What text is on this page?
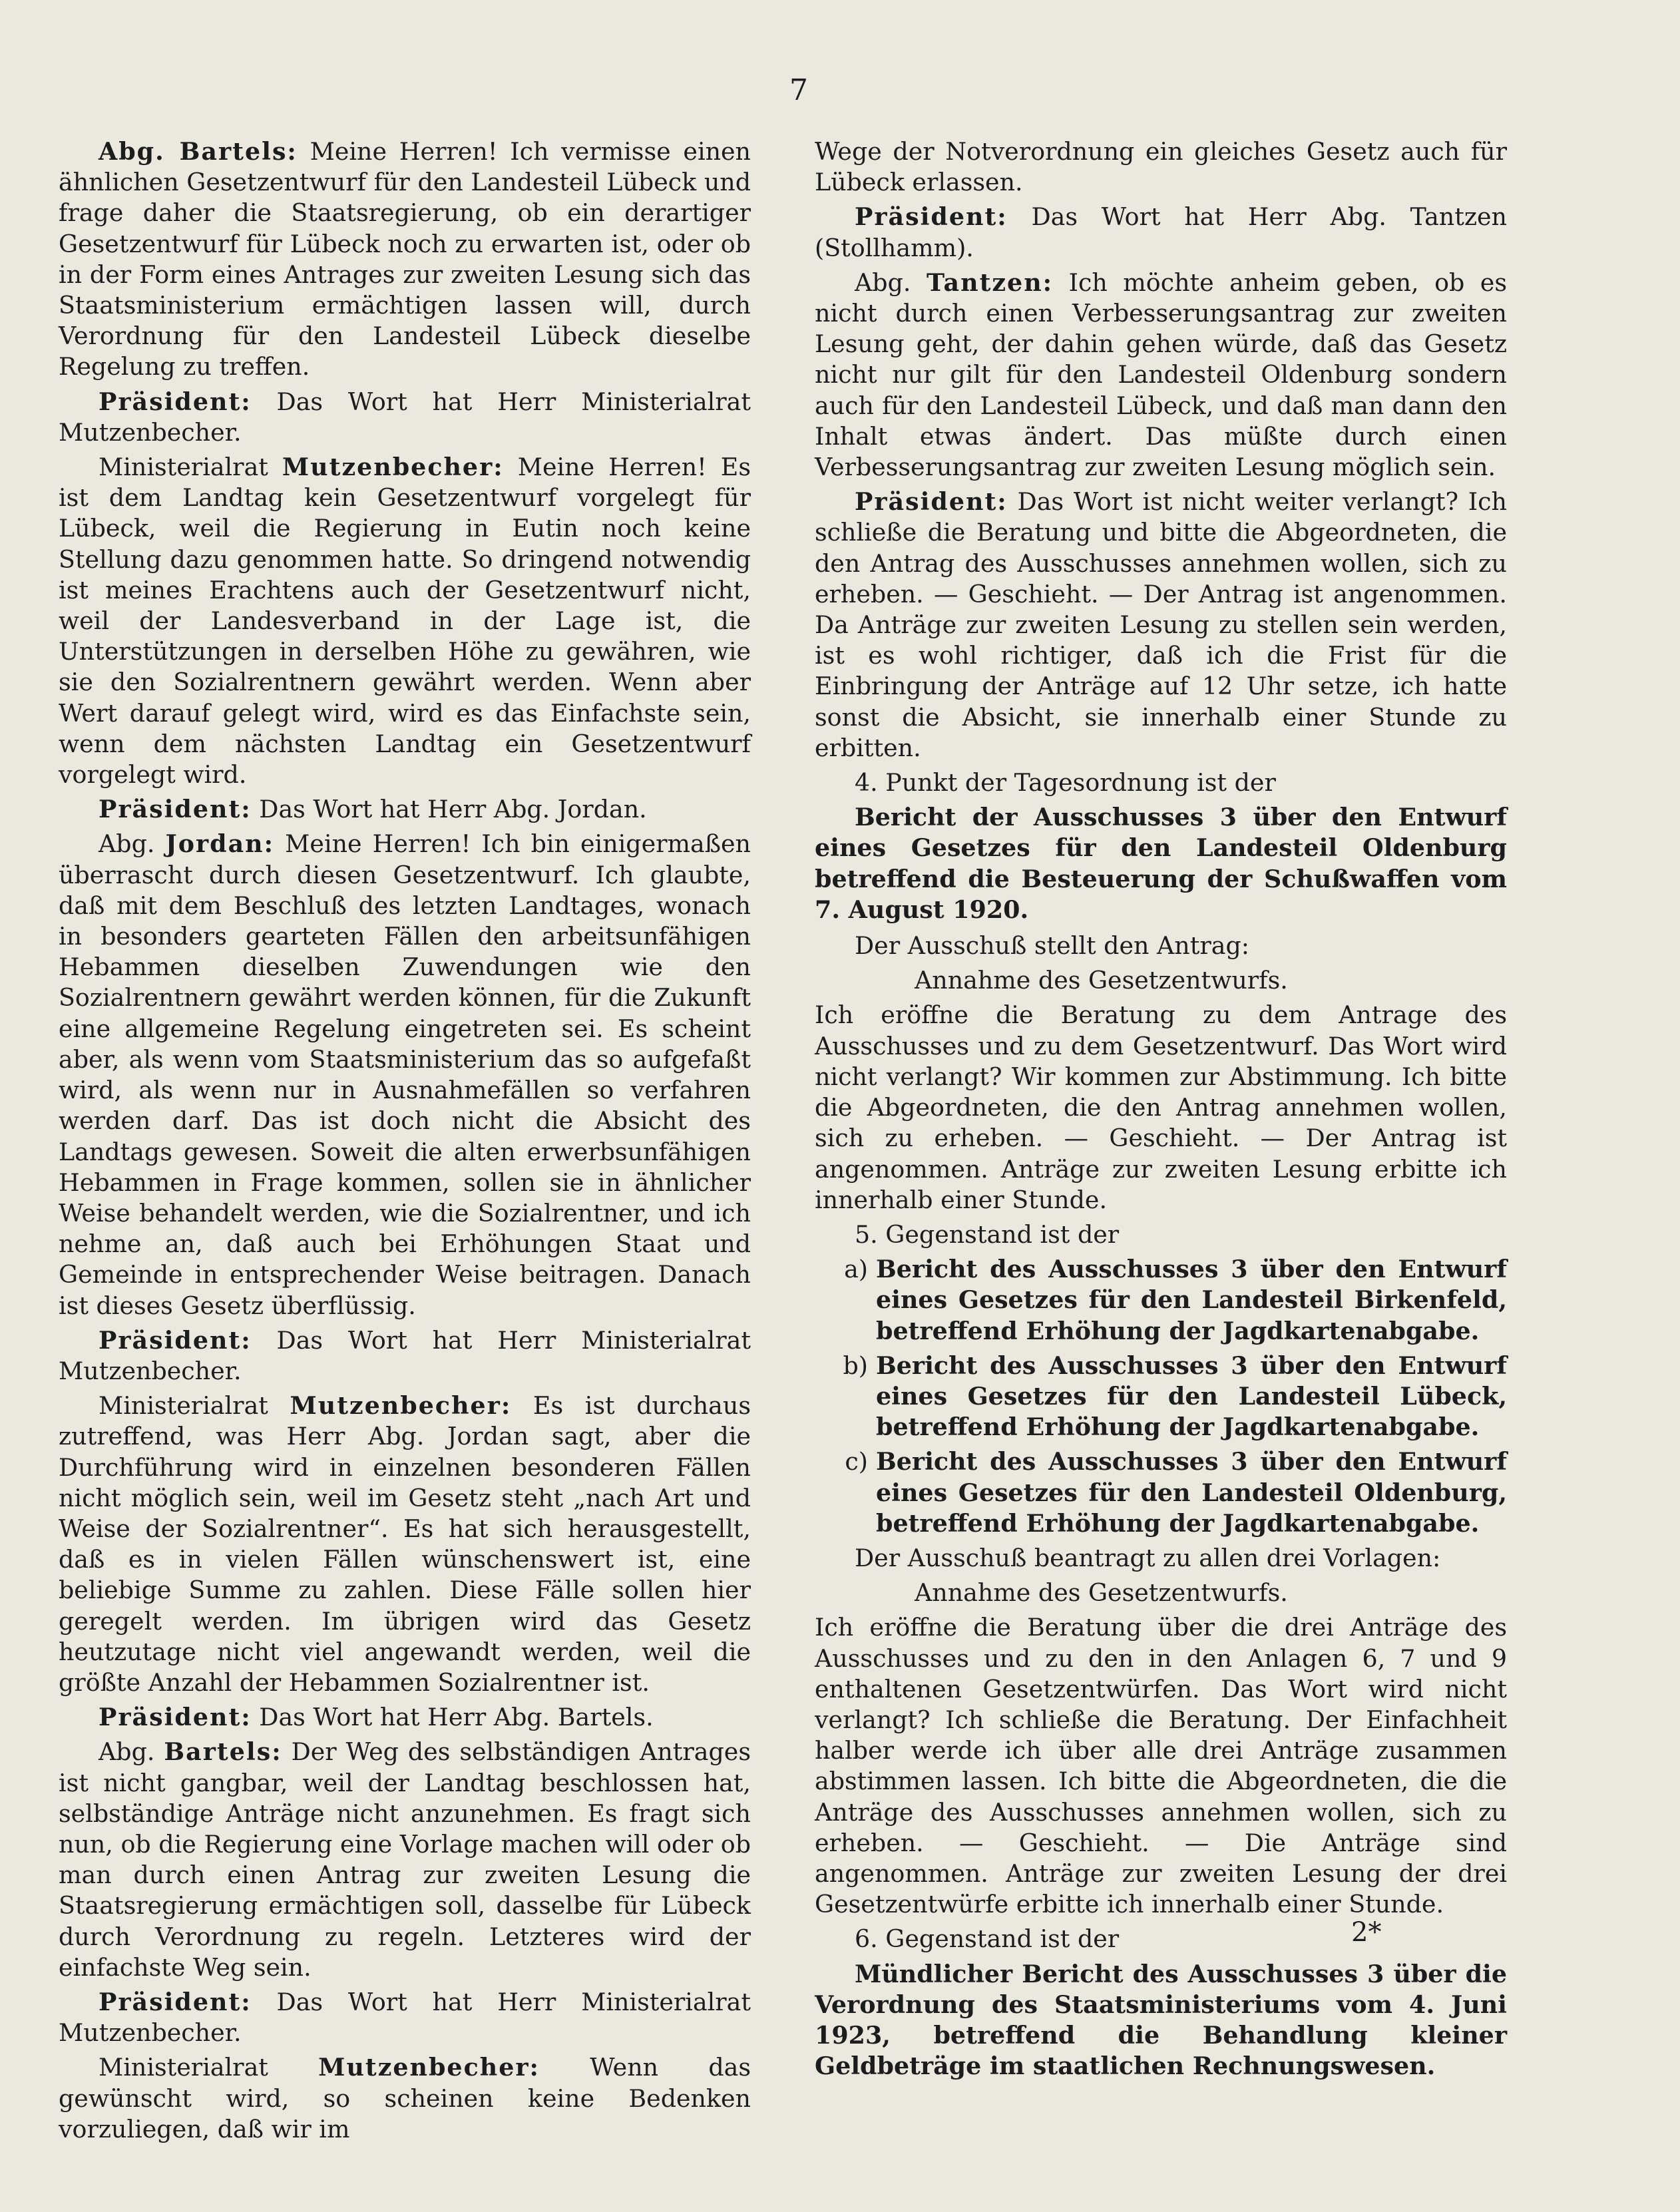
7

Abg. Bartels: Meine Herren! Ich vermisse einen ähnlichen Gesetzentwurf für den Landesteil Lübeck und frage daher die Staatsregierung, ob ein derartiger Gesetzentwurf für Lübeck noch zu erwarten ist, oder ob in der Form eines Antrages zur zweiten Lesung sich das Staatsministerium ermächtigen lassen will, durch Verordnung für den Landesteil Lübeck dieselbe Regelung zu treffen.

Präsident: Das Wort hat Herr Ministerialrat Mutzenbecher.

Ministerialrat Mutzenbecher: Meine Herren! Es ist dem Landtag kein Gesetzentwurf vorgelegt für Lübeck, weil die Regierung in Eutin noch keine Stellung dazu genommen hatte. So dringend notwendig ist meines Erachtens auch der Gesetzentwurf nicht, weil der Landesverband in der Lage ist, die Unterstützungen in derselben Höhe zu gewähren, wie sie den Sozialrentnern gewährt werden. Wenn aber Wert darauf gelegt wird, wird es das Einfachste sein, wenn dem nächsten Landtag ein Gesetzentwurf vorgelegt wird.

Präsident: Das Wort hat Herr Abg. Jordan.

Abg. Jordan: Meine Herren! Ich bin einigermaßen überrascht durch diesen Gesetzentwurf. Ich glaubte, daß mit dem Beschluß des letzten Landtages, wonach in besonders gearteten Fällen den arbeitsunfähigen Hebammen dieselben Zuwendungen wie den Sozialrentnern gewährt werden können, für die Zukunft eine allgemeine Regelung eingetreten sei. Es scheint aber, als wenn vom Staatsministerium das so aufgefaßt wird, als wenn nur in Ausnahmefällen so verfahren werden darf. Das ist doch nicht die Absicht des Landtags gewesen. Soweit die alten erwerbsunfähigen Hebammen in Frage kommen, sollen sie in ähnlicher Weise behandelt werden, wie die Sozialrentner, und ich nehme an, daß auch bei Erhöhungen Staat und Gemeinde in entsprechender Weise beitragen. Danach ist dieses Gesetz überflüssig.

Präsident: Das Wort hat Herr Ministerialrat Mutzenbecher.

Ministerialrat Mutzenbecher: Es ist durchaus zutreffend, was Herr Abg. Jordan sagt, aber die Durchführung wird in einzelnen besonderen Fällen nicht möglich sein, weil im Gesetz steht „nach Art und Weise der Sozialrentner“. Es hat sich herausgestellt, daß es in vielen Fällen wünschenswert ist, eine beliebige Summe zu zahlen. Diese Fälle sollen hier geregelt werden. Im übrigen wird das Gesetz heutzutage nicht viel angewandt werden, weil die größte Anzahl der Hebammen Sozialrentner ist.

Präsident: Das Wort hat Herr Abg. Bartels.

Abg. Bartels: Der Weg des selbständigen Antrages ist nicht gangbar, weil der Landtag beschlossen hat, selbständige Anträge nicht anzunehmen. Es fragt sich nun, ob die Regierung eine Vorlage machen will oder ob man durch einen Antrag zur zweiten Lesung die Staatsregierung ermächtigen soll, dasselbe für Lübeck durch Verordnung zu regeln. Letzteres wird der einfachste Weg sein.

Präsident: Das Wort hat Herr Ministerialrat Mutzenbecher.

Ministerialrat Mutzenbecher: Wenn das gewünscht wird, so scheinen keine Bedenken vorzuliegen, daß wir im

Wege der Notverordnung ein gleiches Gesetz auch für Lübeck erlassen.

Präsident: Das Wort hat Herr Abg. Tantzen (Stollhamm).

Abg. Tantzen: Ich möchte anheim geben, ob es nicht durch einen Verbesserungsantrag zur zweiten Lesung geht, der dahin gehen würde, daß das Gesetz nicht nur gilt für den Landesteil Oldenburg sondern auch für den Landesteil Lübeck, und daß man dann den Inhalt etwas ändert. Das müßte durch einen Verbesserungsantrag zur zweiten Lesung möglich sein.

Präsident: Das Wort ist nicht weiter verlangt? Ich schließe die Beratung und bitte die Abgeordneten, die den Antrag des Ausschusses annehmen wollen, sich zu erheben. — Geschieht. — Der Antrag ist angenommen. Da Anträge zur zweiten Lesung zu stellen sein werden, ist es wohl richtiger, daß ich die Frist für die Einbringung der Anträge auf 12 Uhr setze, ich hatte sonst die Absicht, sie innerhalb einer Stunde zu erbitten.

4. Punkt der Tagesordnung ist der

Bericht der Ausschusses 3 über den Entwurf eines Gesetzes für den Landesteil Oldenburg betreffend die Besteuerung der Schußwaffen vom 7. August 1920.

Der Ausschuß stellt den Antrag:

Annahme des Gesetzentwurfs.

Ich eröffne die Beratung zu dem Antrage des Ausschusses und zu dem Gesetzentwurf. Das Wort wird nicht verlangt? Wir kommen zur Abstimmung. Ich bitte die Abgeordneten, die den Antrag annehmen wollen, sich zu erheben. — Geschieht. — Der Antrag ist angenommen. Anträge zur zweiten Lesung erbitte ich innerhalb einer Stunde.

5. Gegenstand ist der

a) Bericht des Ausschusses 3 über den Entwurf eines Gesetzes für den Landesteil Birkenfeld, betreffend Erhöhung der Jagdkartenabgabe.
b) Bericht des Ausschusses 3 über den Entwurf eines Gesetzes für den Landesteil Lübeck, betreffend Erhöhung der Jagdkartenabgabe.
c) Bericht des Ausschusses 3 über den Entwurf eines Gesetzes für den Landesteil Oldenburg, betreffend Erhöhung der Jagdkartenabgabe.

Der Ausschuß beantragt zu allen drei Vorlagen:

Annahme des Gesetzentwurfs.

Ich eröffne die Beratung über die drei Anträge des Ausschusses und zu den in den Anlagen 6, 7 und 9 enthaltenen Gesetzentwürfen. Das Wort wird nicht verlangt? Ich schließe die Beratung. Der Einfachheit halber werde ich über alle drei Anträge zusammen abstimmen lassen. Ich bitte die Abgeordneten, die die Anträge des Ausschusses annehmen wollen, sich zu erheben. — Geschieht. — Die Anträge sind angenommen. Anträge zur zweiten Lesung der drei Gesetzentwürfe erbitte ich innerhalb einer Stunde.

6. Gegenstand ist der

Mündlicher Bericht des Ausschusses 3 über die Verordnung des Staatsministeriums vom 4. Juni 1923, betreffend die Behandlung kleiner Geldbeträge im staatlichen Rechnungswesen.

2*
